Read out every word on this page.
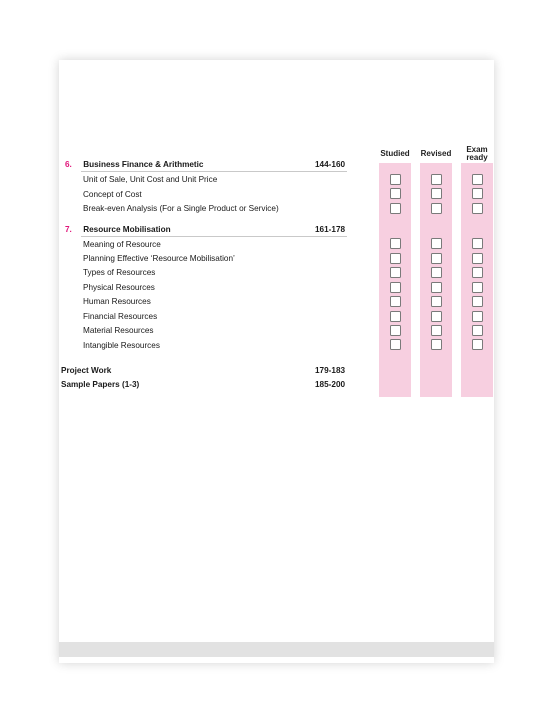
Studied	Revised	Exam
ready
6. Business Finance & Arithmetic	144-160
Unit of Sale, Unit Cost and Unit Price
Concept of Cost
Break-even Analysis (For a Single Product or Service)
7. Resource Mobilisation	161-178
Meaning of Resource
Planning Effective ‘Resource Mobilisation’
Types of Resources
Physical Resources
Human Resources
Financial Resources
Material Resources
Intangible Resources
Project Work	179-183
Sample Papers (1-3)	185-200
